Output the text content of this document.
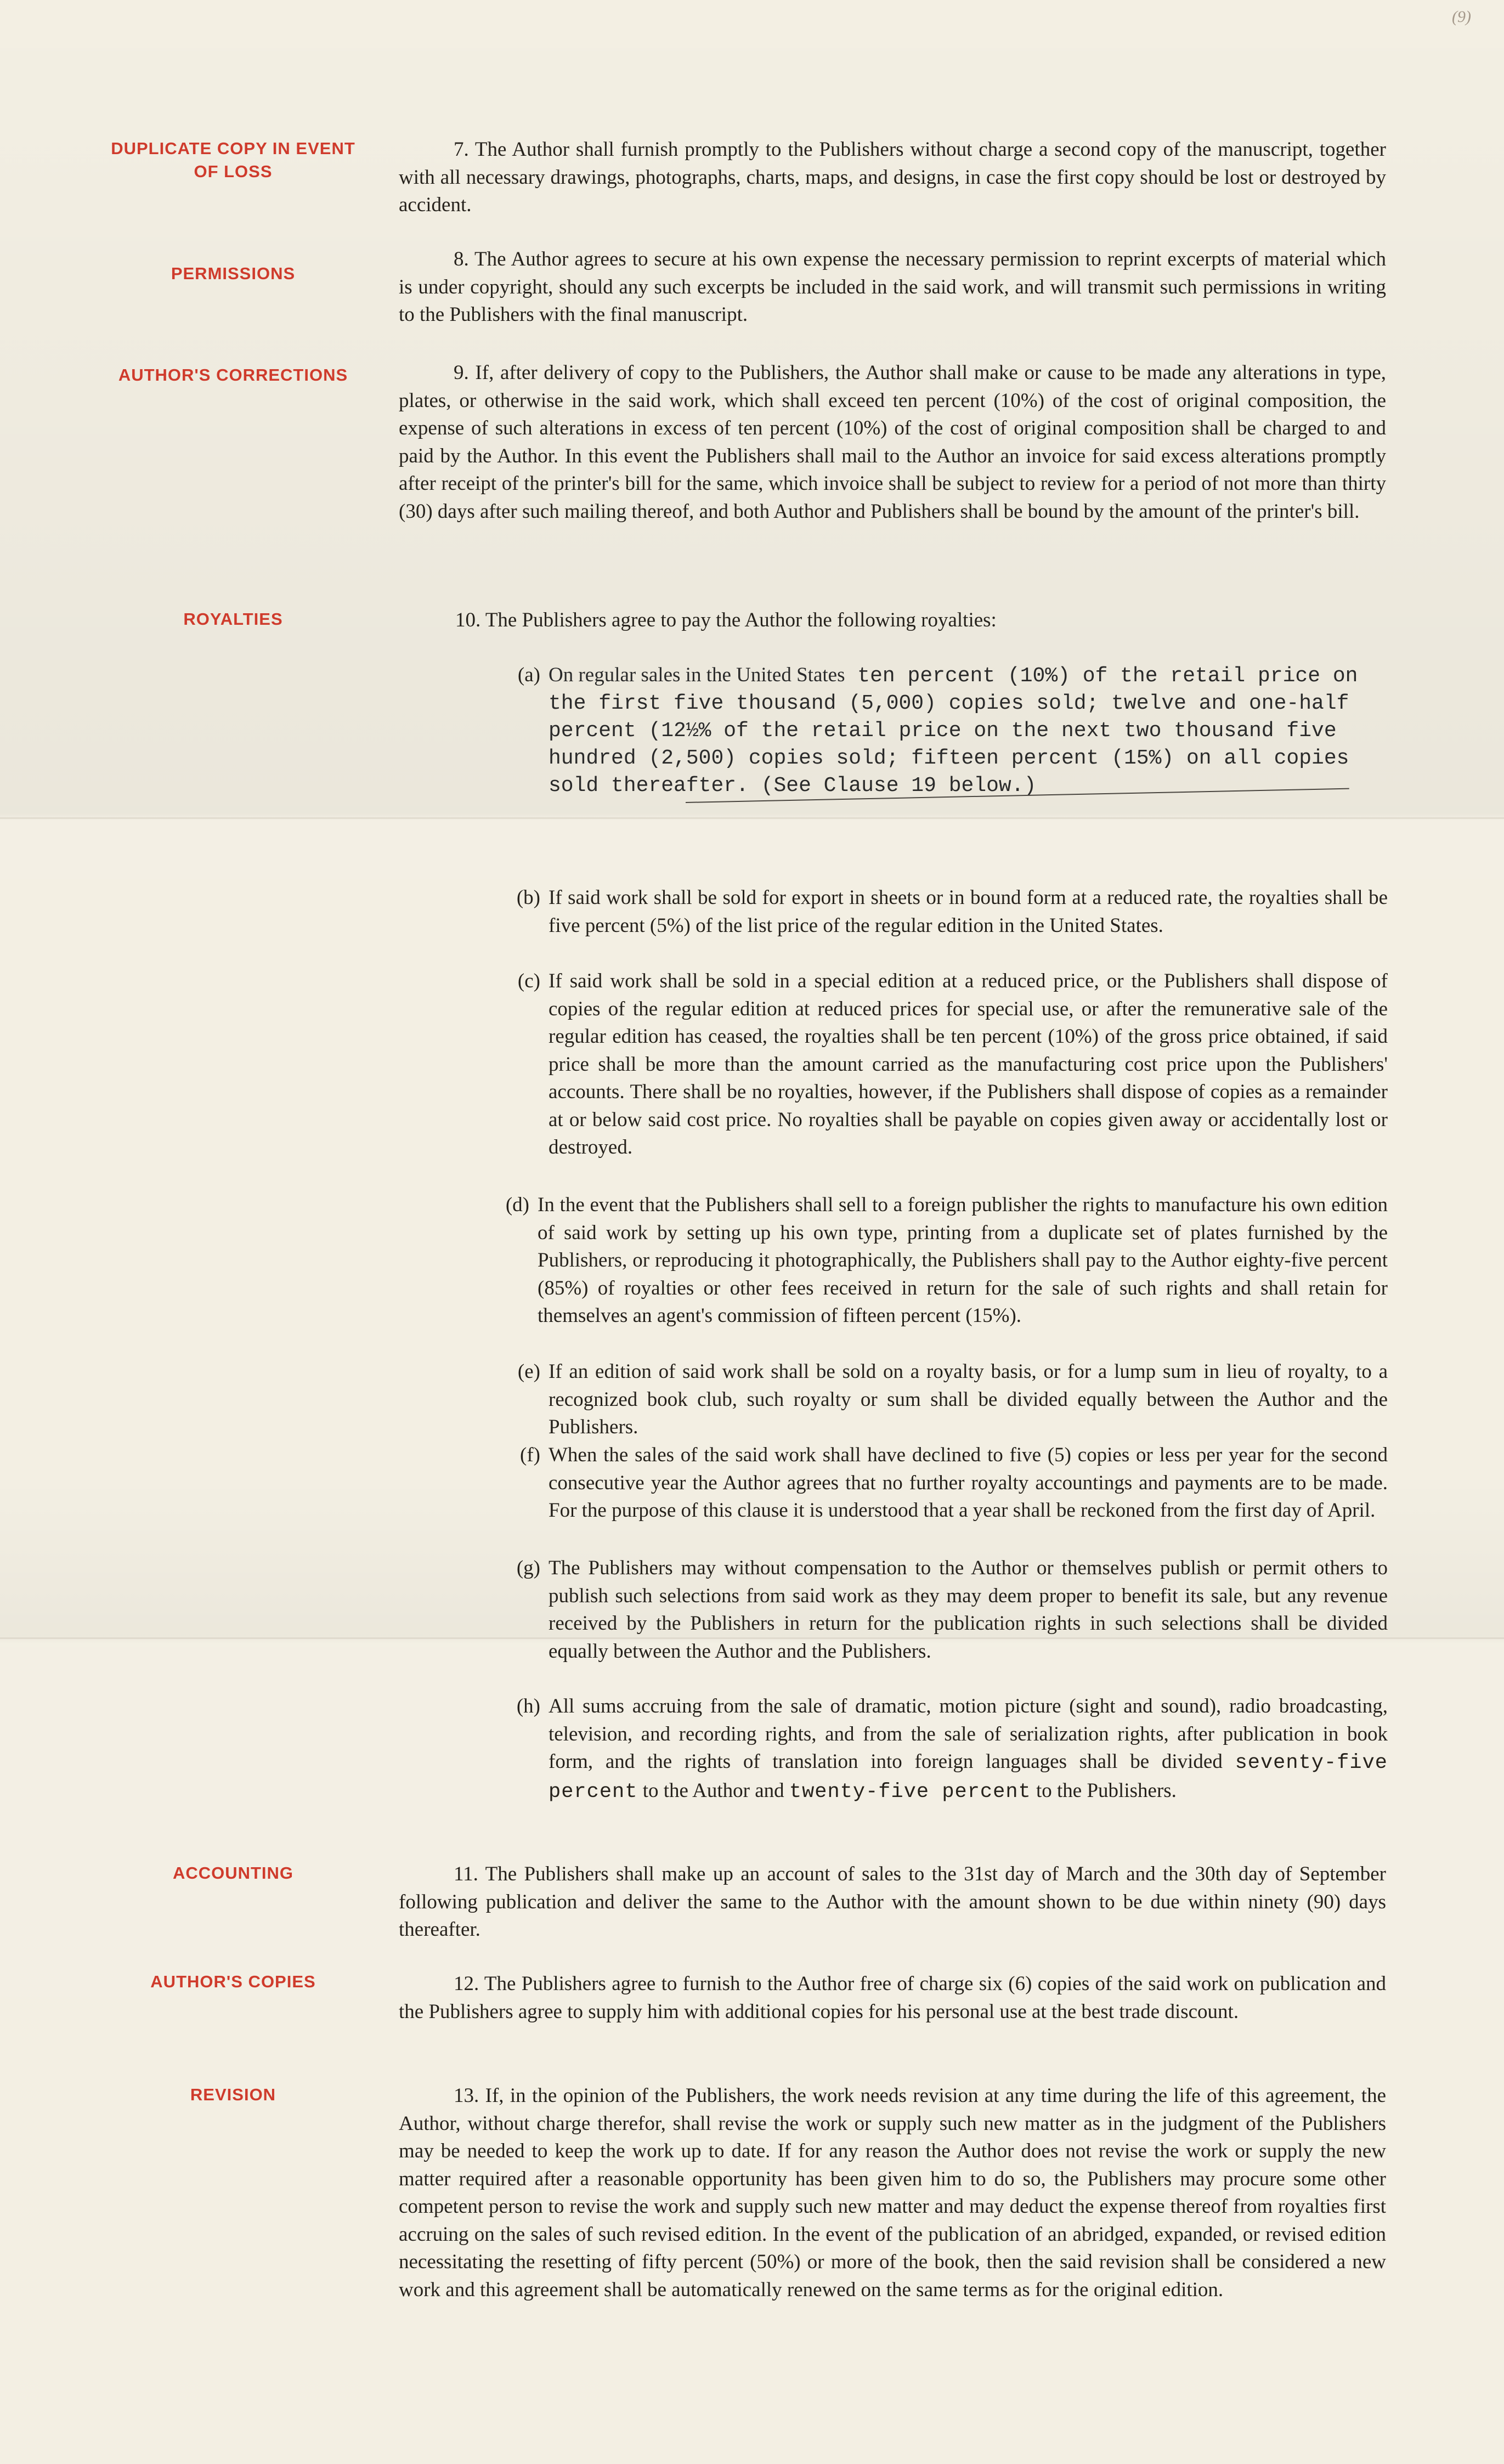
(9)
DUPLICATE COPY IN EVENT OF LOSS
7. The Author shall furnish promptly to the Publishers without charge a second copy of the manuscript, together with all necessary drawings, photographs, charts, maps, and designs, in case the first copy should be lost or destroyed by accident.
PERMISSIONS
8. The Author agrees to secure at his own expense the necessary permission to reprint excerpts of material which is under copyright, should any such excerpts be included in the said work, and will transmit such permissions in writing to the Publishers with the final manuscript.
AUTHOR'S CORRECTIONS	9. If, after delivery of copy to the Publishers, the Author shall make or cause to be made any alterations in type, plates, or otherwise in the said work, which shall exceed ten percent (10%) of the cost of original composition, the expense of such alterations in excess of ten percent (10%) of the cost of original composition shall be charged to and paid by the Author. In this event the Publishers shall mail to the Author an invoice for said excess alterations promptly after receipt of the printer's bill for the same, which invoice shall be subject to review for a period of not more than thirty (30) days after such mailing thereof, and both Author and Publishers shall be bound by the amount of the printer's bill.
ROYALTIES	10. The Publishers agree to pay the Author the following royalties:
(a) On regular sales in the United States ten percent (10%) of the retail price on the first five thousand (5,000) copies sold; twelve and one-half percent (12½% of the retail price on the next two thousand five hundred (2,500) copies sold; fifteen percent (15%) on all copies sold thereafter. (See Clause 19 below.)
(b) If said work shall be sold for export in sheets or in bound form at a reduced rate, the royalties shall be five percent (5%) of the list price of the regular edition in the United States.
(c) If said work shall be sold in a special edition at a reduced price, or the Publishers shall dispose of copies of the regular edition at reduced prices for special use, or after the remunerative sale of the regular edition has ceased, the royalties shall be ten percent (10%) of the gross price obtained, if said price shall be more than the amount carried as the manufacturing cost price upon the Publishers' accounts. There shall be no royalties, however, if the Publishers shall dispose of copies as a remainder at or below said cost price. No royalties shall be payable on copies given away or accidentally lost or destroyed.
(d) In the event that the Publishers shall sell to a foreign publisher the rights to manufacture his own edition of said work by setting up his own type, printing from a duplicate set of plates furnished by the Publishers, or reproducing it photographically, the Publishers shall pay to the Author eighty-five percent (85%) of royalties or other fees received in return for the sale of such rights and shall retain for themselves an agent's commission of fifteen percent (15%).
(e) If an edition of said work shall be sold on a royalty basis, or for a lump sum in lieu of royalty, to a recognized book club, such royalty or sum shall be divided equally between the Author and the Publishers.
(f) When the sales of the said work shall have declined to five (5) copies or less per year for the second consecutive year the Author agrees that no further royalty accountings and payments are to be made. For the purpose of this clause it is understood that a year shall be reckoned from the first day of April.
(g) The Publishers may without compensation to the Author or themselves publish or permit others to publish such selections from said work as they may deem proper to benefit its sale, but any revenue received by the Publishers in return for the publication rights in such selections shall be divided equally between the Author and the Publishers.
(h) All sums accruing from the sale of dramatic, motion picture (sight and sound), radio broadcasting, television, and recording rights, and from the sale of serialization rights, after publication in book form, and the rights of translation into foreign languages shall be divided seventy-five percent to the Author and twenty-five percent to the Publishers.
ACCOUNTING	11. The Publishers shall make up an account of sales to the 31st day of March and the 30th day of September following publication and deliver the same to the Author with the amount shown to be due within ninety (90) days thereafter.
AUTHOR'S COPIES	12. The Publishers agree to furnish to the Author free of charge six (6) copies of the said work on publication and the Publishers agree to supply him with additional copies for his personal use at the best trade discount.
REVISION	13. If, in the opinion of the Publishers, the work needs revision at any time during the life of this agreement, the Author, without charge therefor, shall revise the work or supply such new matter as in the judgment of the Publishers may be needed to keep the work up to date. If for any reason the Author does not revise the work or supply the new matter required after a reasonable opportunity has been given him to do so, the Publishers may procure some other competent person to revise the work and supply such new matter and may deduct the expense thereof from royalties first accruing on the sales of such revised edition. In the event of the publication of an abridged, expanded, or revised edition necessitating the resetting of fifty percent (50%) or more of the book, then the said revision shall be considered a new work and this agreement shall be automatically renewed on the same terms as for the original edition.
